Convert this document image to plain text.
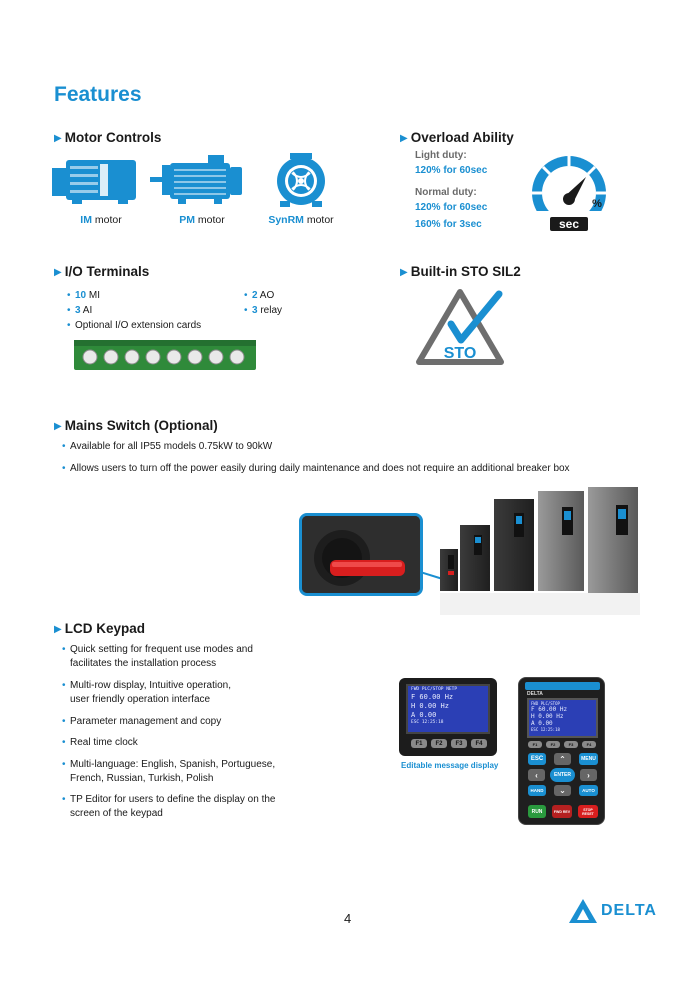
Features
▶ Motor Controls
IM motor	PM motor	SynRM motor
▶ Overload Ability
Light duty:
120% for 60sec
Normal duty:
120% for 60sec
160% for 3sec	sec
%
▶ I/O Terminals
• 10 MI
• 3 AI
• Optional I/O extension cards
• 2 AO
• 3 relay
▶ Built-in STO SIL2
STO
▶ Mains Switch (Optional)
• Available for all IP55 models 0.75kW to 90kW
• Allows users to turn off the power easily during daily maintenance and does not require an additional breaker box
▶ LCD Keypad
• Quick setting for frequent use modes and
facilitates the installation process
• Multi-row display, Intuitive operation,
user friendly operation interface
• Parameter management and copy
• Real time clock
• Multi-language: English, Spanish, Portuguese,
French, Russian, Turkish, Polish
• TP Editor for users to define the display on the
screen of the keypad
FWD PLC/STOP NETP
F 60.00 Hz
H 0.00 Hz
A 0.00
ESC 12:25:18
F1	F2	F3	F4
Editable message display
DELTA
FWD PLC/STOP
F 60.00 Hz
H 0.00 Hz
A 0.00
ESC 12:25:18
F1	F2	F3	F4
ESC	⌃	MENU
‹	ENTER	›
HAND	⌄	AUTO
RUN	FWD REV	STOP RESET
4	DELTA
